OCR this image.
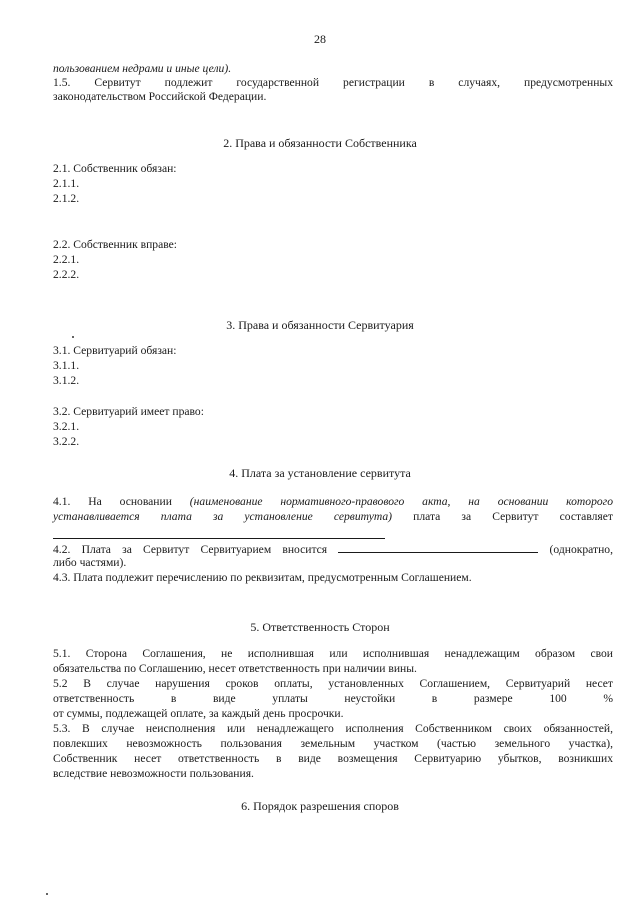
28
пользованием недрами и иные цели).
1.5. Сервитут подлежит государственной регистрации в случаях, предусмотренных
законодательством Российской Федерации.
2. Права и обязанности Собственника
2.1. Собственник обязан:
2.1.1.
2.1.2.
2.2. Собственник вправе:
2.2.1.
2.2.2.
3. Права и обязанности Сервитуария
3.1. Сервитуарий обязан:
3.1.1.
3.1.2.
3.2. Сервитуарий имеет право:
3.2.1.
3.2.2.
4. Плата за установление сервитута
4.1. На основании (наименование нормативного-правового акта, на основании которого
устанавливается плата за установление сервитута) плата за Сервитут составляет
4.2. Плата за Сервитут Сервитуарием вносится	(однократно,
либо частями).
4.3. Плата подлежит перечислению по реквизитам, предусмотренным Соглашением.
5. Ответственность Сторон
5.1. Сторона Соглашения, не исполнившая или исполнившая ненадлежащим образом свои
обязательства по Соглашению, несет ответственность при наличии вины.
5.2 В случае нарушения сроков оплаты, установленных Соглашением, Сервитуарий несет
ответственность в виде уплаты неустойки в размере 100 %
от суммы, подлежащей оплате, за каждый день просрочки.
5.3. В случае неисполнения или ненадлежащего исполнения Собственником своих обязанностей,
повлекших невозможность пользования земельным участком (частью земельного участка),
Собственник несет ответственность в виде возмещения Сервитуарию убытков, возникших
вследствие невозможности пользования.
6. Порядок разрешения споров
